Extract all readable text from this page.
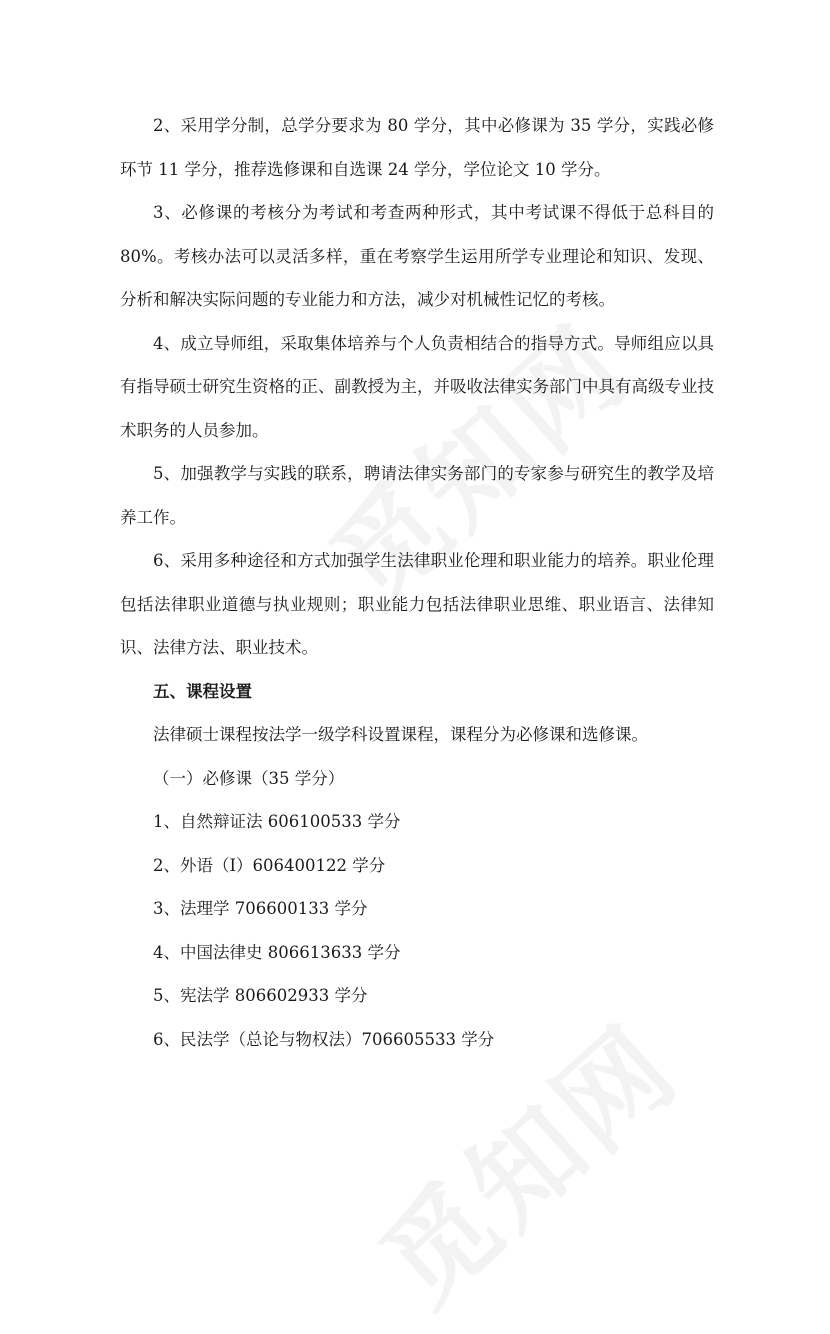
2、采用学分制，总学分要求为 80 学分，其中必修课为 35 学分，实践必修环节 11 学分，推荐选修课和自选课 24 学分，学位论文 10 学分。

3、必修课的考核分为考试和考查两种形式，其中考试课不得低于总科目的 80%。考核办法可以灵活多样，重在考察学生运用所学专业理论和知识、发现、分析和解决实际问题的专业能力和方法，减少对机械性记忆的考核。

4、成立导师组，采取集体培养与个人负责相结合的指导方式。导师组应以具有指导硕士研究生资格的正、副教授为主，并吸收法律实务部门中具有高级专业技术职务的人员参加。

5、加强教学与实践的联系，聘请法律实务部门的专家参与研究生的教学及培养工作。

6、采用多种途径和方式加强学生法律职业伦理和职业能力的培养。职业伦理包括法律职业道德与执业规则；职业能力包括法律职业思维、职业语言、法律知识、法律方法、职业技术。

五、课程设置

法律硕士课程按法学一级学科设置课程，课程分为必修课和选修课。

（一）必修课（35 学分）

1、自然辩证法 606100533 学分

2、外语（I）606400122 学分

3、法理学 706600133 学分

4、中国法律史 806613633 学分

5、宪法学 806602933 学分

6、民法学（总论与物权法）706605533 学分
